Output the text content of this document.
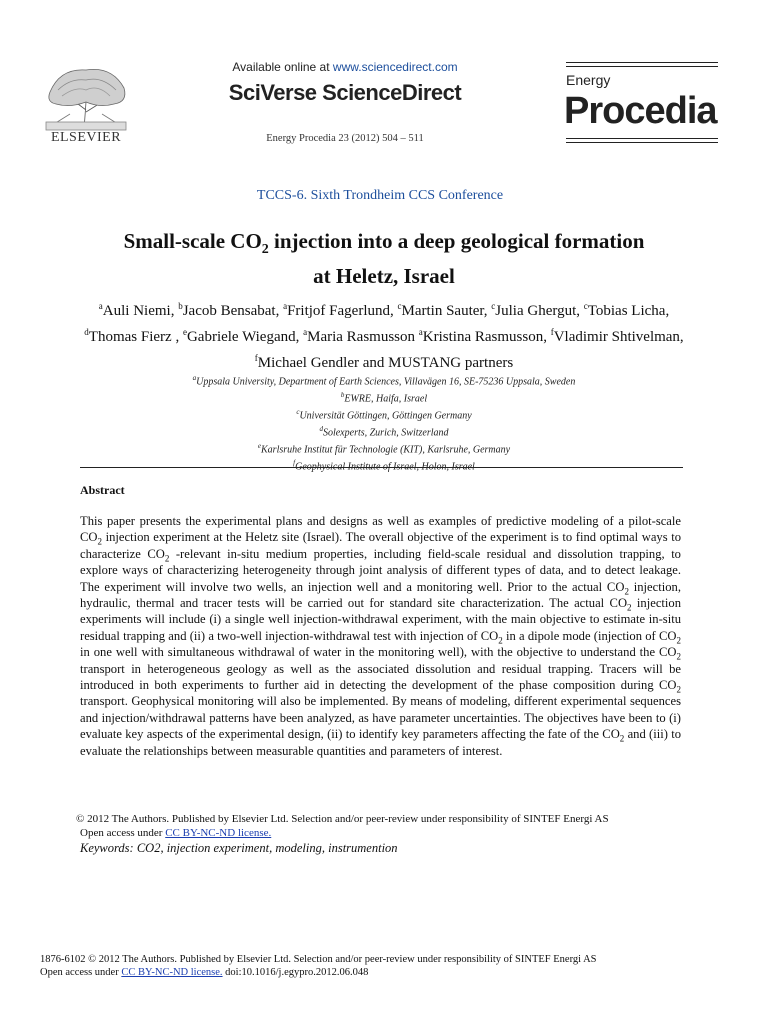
ELSEVIER
Available online at www.sciencedirect.com
SciVerse ScienceDirect
Energy Procedia 23 (2012) 504 – 511
Energy
Procedia
TCCS-6. Sixth Trondheim CCS Conference
Small-scale $CO_2$ injection into a deep geological formation
at Heletz, Israel
$^a$Auli Niemi, $^b$Jacob Bensabat, $^a$Fritjof Fagerlund, $^c$Martin Sauter, $^c$Julia Ghergut, $^c$Tobias Licha, $^d$Thomas Fierz , $^e$Gabriele Wiegand, $^a$Maria Rasmusson $^a$Kristina Rasmusson, $^f$Vladimir Shtivelman, $^f$Michael Gendler and MUSTANG partners
$^a$Uppsala University, Department of Earth Sciences, Villavägen 16, SE-75236 Uppsala, Sweden
$^b$EWRE, Haifa, Israel
$^c$Universität Göttingen, Göttingen Germany
$^d$Solexperts, Zurich, Switzerland
$^e$Karlsruhe Institut für Technologie (KIT), Karlsruhe, Germany
$^f$Geophysical Institute of Israel, Holon, Israel
Abstract
This paper presents the experimental plans and designs as well as examples of predictive modeling of a pilot-scale $CO_2$ injection experiment at the Heletz site (Israel). The overall objective of the experiment is to find optimal ways to characterize $CO_2$ -relevant in-situ medium properties, including field-scale residual and dissolution trapping, to explore ways of characterizing heterogeneity through joint analysis of different types of data, and to detect leakage. The experiment will involve two wells, an injection well and a monitoring well. Prior to the actual $CO_2$ injection, hydraulic, thermal and tracer tests will be carried out for standard site characterization. The actual $CO_2$ injection experiments will include (i) a single well injection-withdrawal experiment, with the main objective to estimate in-situ residual trapping and (ii) a two-well injection-withdrawal test with injection of $CO_2$ in a dipole mode (injection of $CO_2$ in one well with simultaneous withdrawal of water in the monitoring well), with the objective to understand the $CO_2$ transport in heterogeneous geology as well as the associated dissolution and residual trapping. Tracers will be introduced in both experiments to further aid in detecting the development of the phase composition during $CO_2$ transport. Geophysical monitoring will also be implemented. By means of modeling, different experimental sequences and injection/withdrawal patterns have been analyzed, as have parameter uncertainties. The objectives have been to (i) evaluate key aspects of the experimental design, (ii) to identify key parameters affecting the fate of the $CO_2$ and (iii) to evaluate the relationships between measurable quantities and parameters of interest.
© 2012 The Authors. Published by Elsevier Ltd. Selection and/or peer-review under responsibility of SINTEF Energi AS
Open access under CC BY-NC-ND license.
Keywords: CO2, injection experiment, modeling, instrumention
1876-6102 © 2012 The Authors. Published by Elsevier Ltd. Selection and/or peer-review under responsibility of SINTEF Energi AS
Open access under CC BY-NC-ND license. doi:10.1016/j.egypro.2012.06.048
